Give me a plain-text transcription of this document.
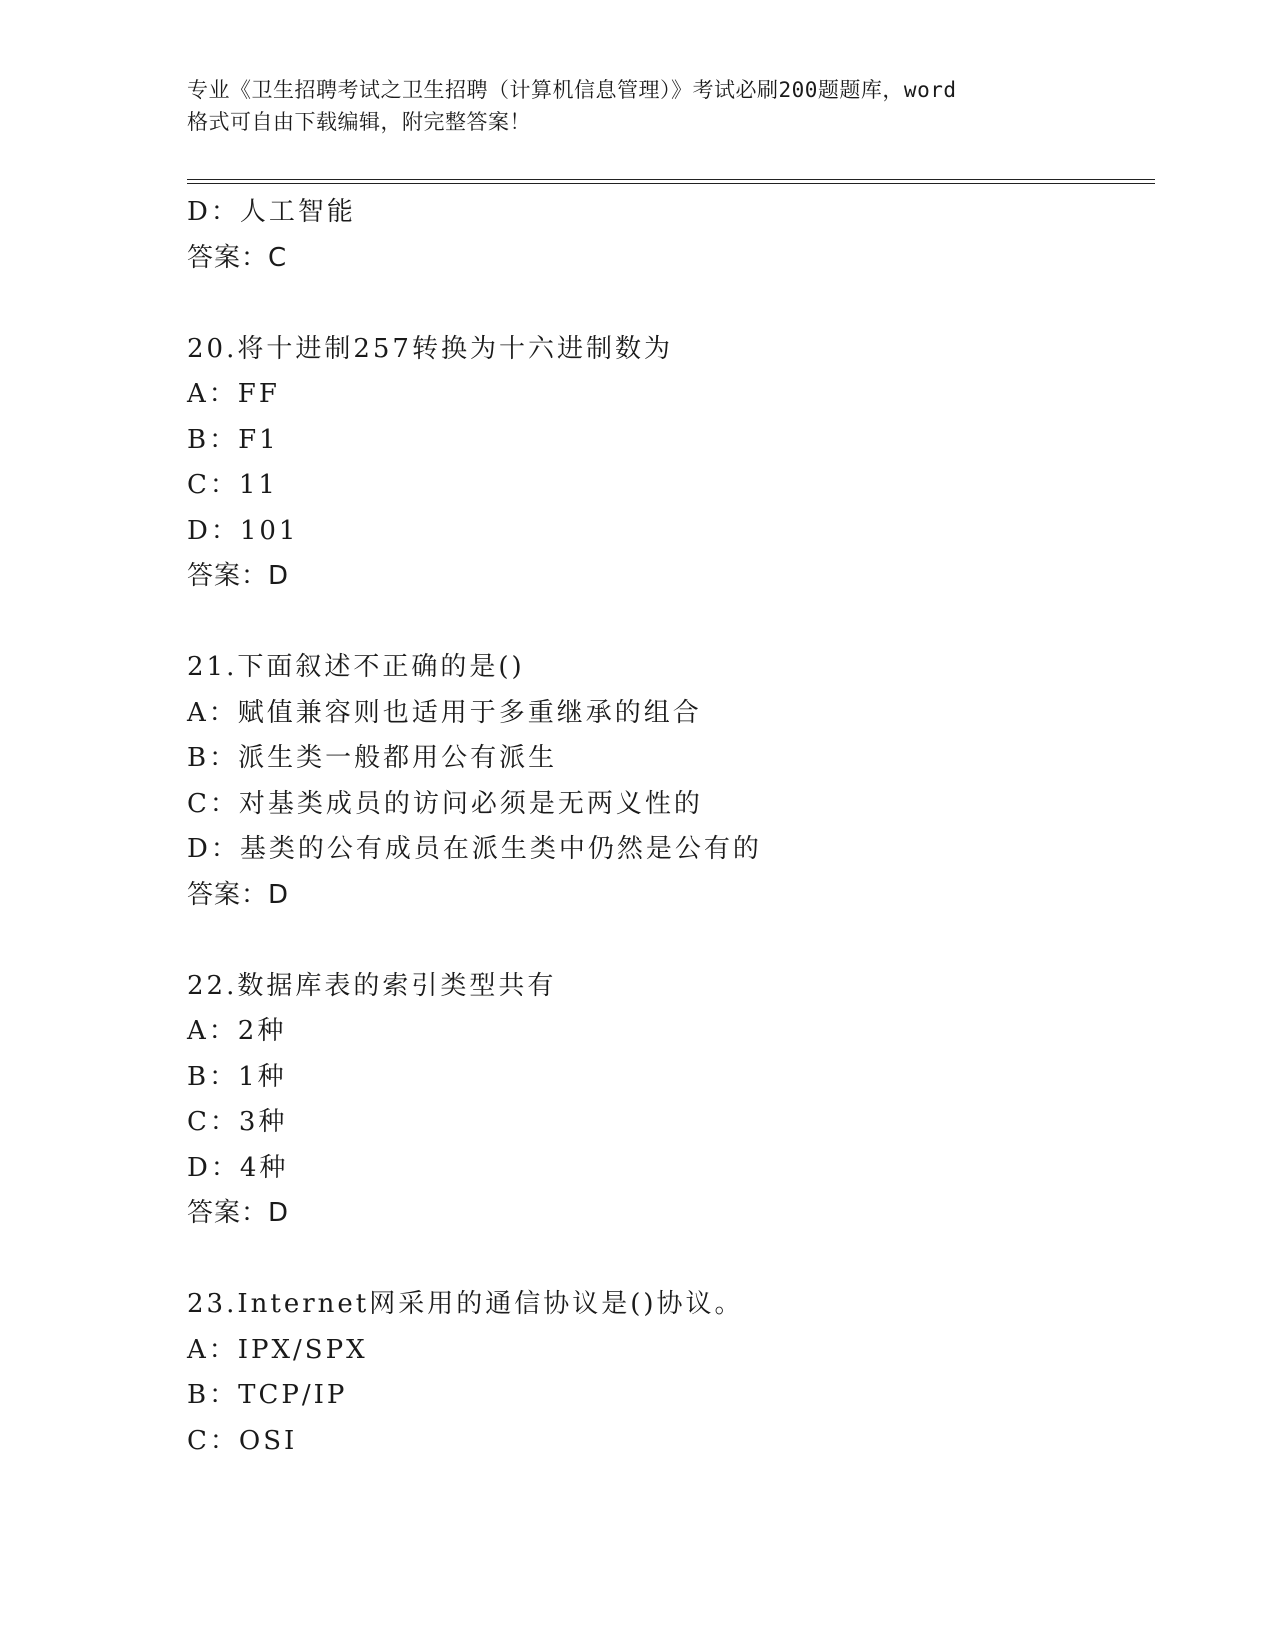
专业《卫生招聘考试之卫生招聘（计算机信息管理）》考试必刷200题题库，word

格式可自由下载编辑，附完整答案！

D：人工智能
答案：C
20.将十进制257转换为十六进制数为
A：FF
B：F1
C：11
D：101
答案：D
21.下面叙述不正确的是()
A：赋值兼容则也适用于多重继承的组合
B：派生类一般都用公有派生
C：对基类成员的访问必须是无两义性的
D：基类的公有成员在派生类中仍然是公有的
答案：D
22.数据库表的索引类型共有
A：2种
B：1种
C：3种
D：4种
答案：D
23.Internet网采用的通信协议是()协议。
A：IPX/SPX
B：TCP/IP
C：OSI
